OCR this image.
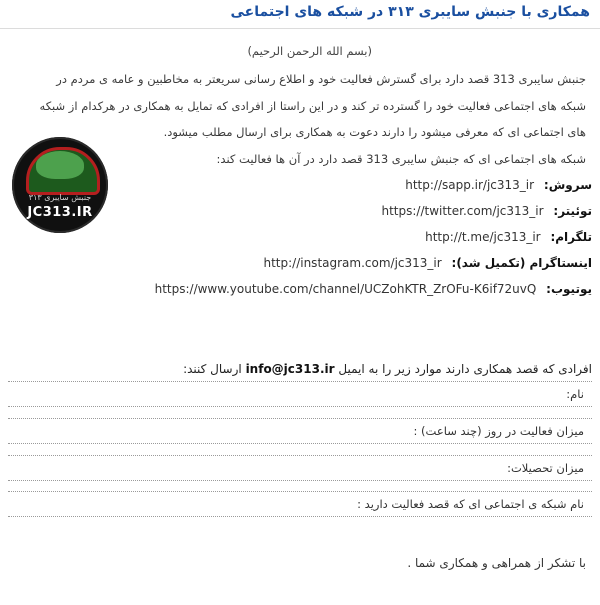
همکاری با جنبش سایبری ۳۱۳ در شبکه های اجتماعی
(بسم الله الرحمن الرحیم)
جنبش سایبری 313 قصد دارد برای گسترش فعالیت خود و اطلاع رسانی سریعتر به مخاطبین و عامه ی مردم در
شبکه های اجتماعی فعالیت خود را گسترده تر کند و در این راستا از افرادی که تمایل به همکاری در هرکدام از شبکه
های اجتماعی ای که معرفی میشود را دارند دعوت به همکاری برای ارسال مطلب میشود.
شبکه های اجتماعی ای که جنبش سایبری 313 قصد دارد در آن ها فعالیت کند:
سروش: http://sapp.ir/jc313_ir
توئیتر: https://twitter.com/jc313_ir
تلگرام: http://t.me/jc313_ir
اینستاگرام (تکمیل شد): http://instagram.com/jc313_ir
یوتیوب: https://www.youtube.com/channel/UCZohKTR_ZrOFu-K6if72uvQ
جنبش سایبری ۳۱۳
JC313.IR
افرادی که قصد همکاری دارند موارد زیر را به ایمیل info@jc313.ir ارسال کنند:
نام:
میزان فعالیت در روز (چند ساعت) :
میزان تحصیلات:
نام شبکه ی اجتماعی ای که قصد فعالیت دارید :
با تشکر از همراهی و همکاری شما .
